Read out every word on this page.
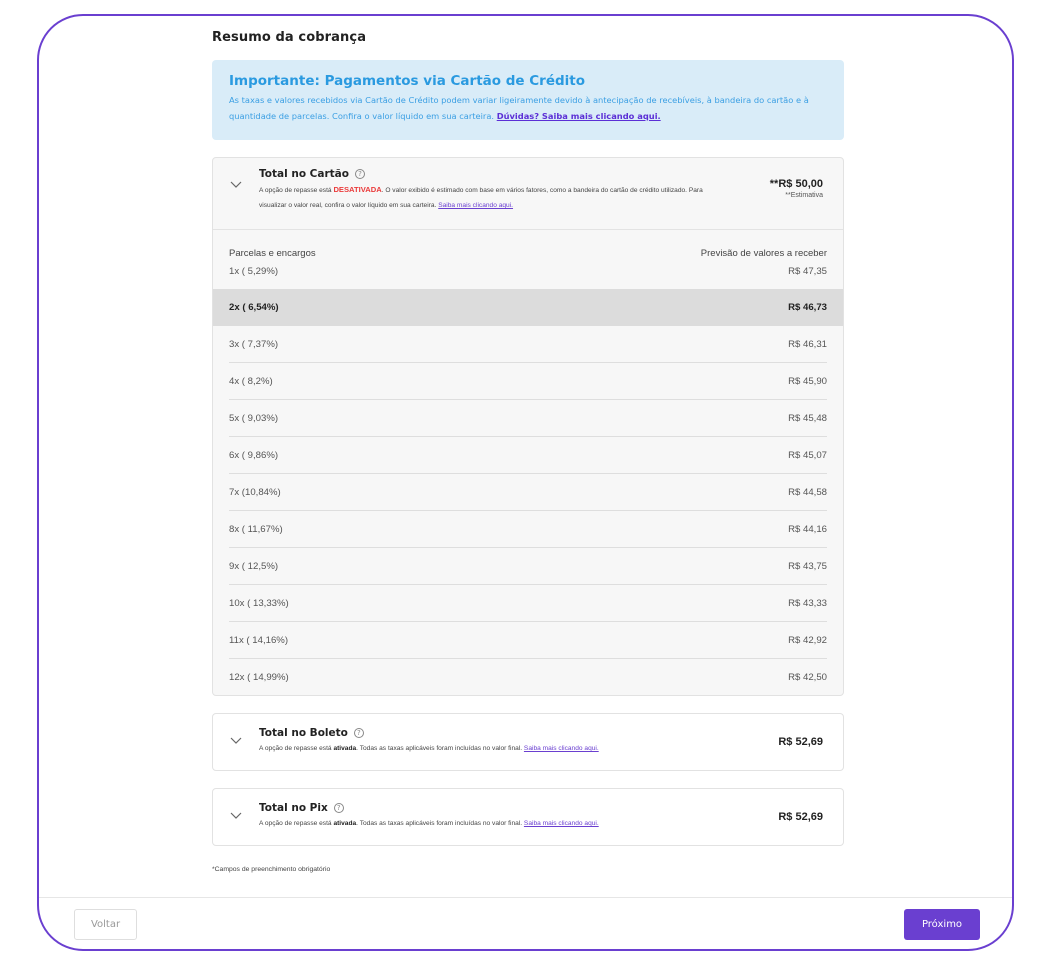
Resumo da cobrança
Importante: Pagamentos via Cartão de Crédito
As taxas e valores recebidos via Cartão de Crédito podem variar ligeiramente devido à antecipação de recebíveis, à bandeira do cartão e à quantidade de parcelas. Confira o valor líquido em sua carteira. Dúvidas? Saiba mais clicando aqui.
Total no Cartão	?
A opção de repasse está DESATIVADA. O valor exibido é estimado com base em vários fatores, como a bandeira do cartão de crédito utilizado. Para visualizar o valor real, confira o valor líquido em sua carteira. Saiba mais clicando aqui.
**R$ 50,00
**Estimativa
Parcelas e encargos	Previsão de valores a receber
1x ( 5,29%)	R$ 47,35
2x ( 6,54%)	R$ 46,73
3x ( 7,37%)	R$ 46,31
4x ( 8,2%)	R$ 45,90
5x ( 9,03%)	R$ 45,48
6x ( 9,86%)	R$ 45,07
7x (10,84%)	R$ 44,58
8x ( 11,67%)	R$ 44,16
9x ( 12,5%)	R$ 43,75
10x ( 13,33%)	R$ 43,33
11x ( 14,16%)	R$ 42,92
12x ( 14,99%)	R$ 42,50
Total no Boleto	?
A opção de repasse está ativada. Todas as taxas aplicáveis foram incluídas no valor final. Saiba mais clicando aqui.
R$ 52,69
Total no Pix	?
A opção de repasse está ativada. Todas as taxas aplicáveis foram incluídas no valor final. Saiba mais clicando aqui.
R$ 52,69
*Campos de preenchimento obrigatório
Voltar	Próximo
